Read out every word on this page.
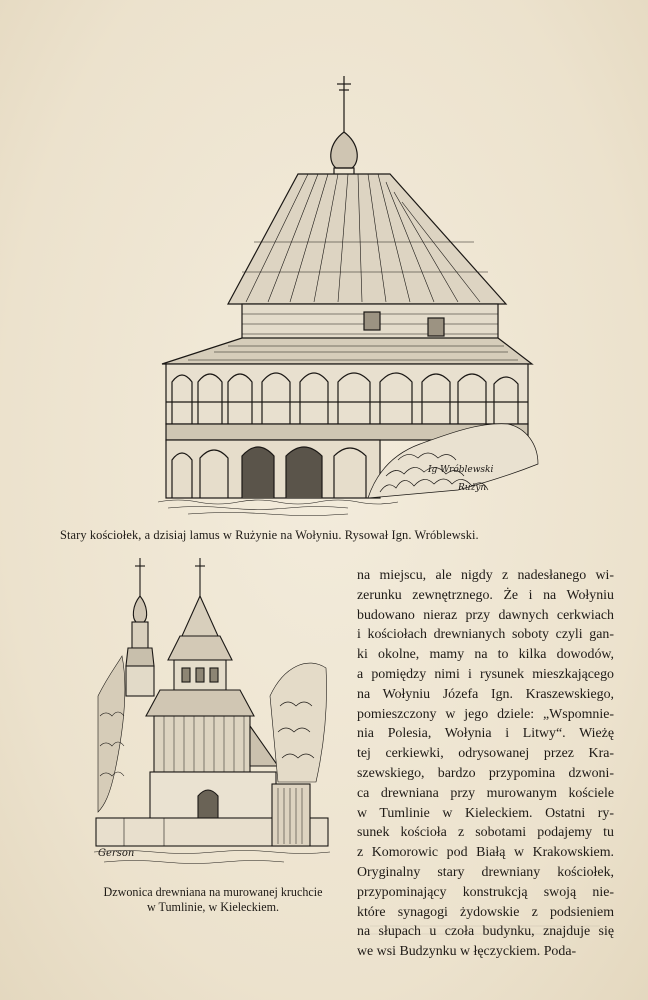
Ig Wróblewski
Rużyn
Stary kościołek, a dzisiaj lamus w Rużynie na Wołyniu. Rysował Ign. Wróblewski.
Gerson
Dzwonica drewniana na murowanej kruchcie
w Tumlinie, w Kieleckiem.
na miejscu, ale nigdy z nadesłanego wi-
zerunku zewnętrznego. Że i na Wołyniu
budowano nieraz przy dawnych cerkwiach
i kościołach drewnianych soboty czyli gan-
ki okolne, mamy na to kilka dowodów,
a pomiędzy nimi i rysunek mieszkającego
na Wołyniu Józefa Ign. Kraszewskiego,
pomieszczony w jego dziele: „Wspomnie-
nia Polesia, Wołynia i Litwy“. Wieżę
tej cerkiewki, odrysowanej przez Kra-
szewskiego, bardzo przypomina dzwoni-
ca drewniana przy murowanym kościele
w Tumlinie w Kieleckiem. Ostatni ry-
sunek kościoła z sobotami podajemy tu
z Komorowic pod Białą w Krakowskiem.
Oryginalny stary drewniany kościołek,
przypominający konstrukcją swoją nie-
które synagogi żydowskie z podsieniem
na słupach u czoła budynku, znajduje się
we wsi Budzynku w łęczyckiem. Poda-
